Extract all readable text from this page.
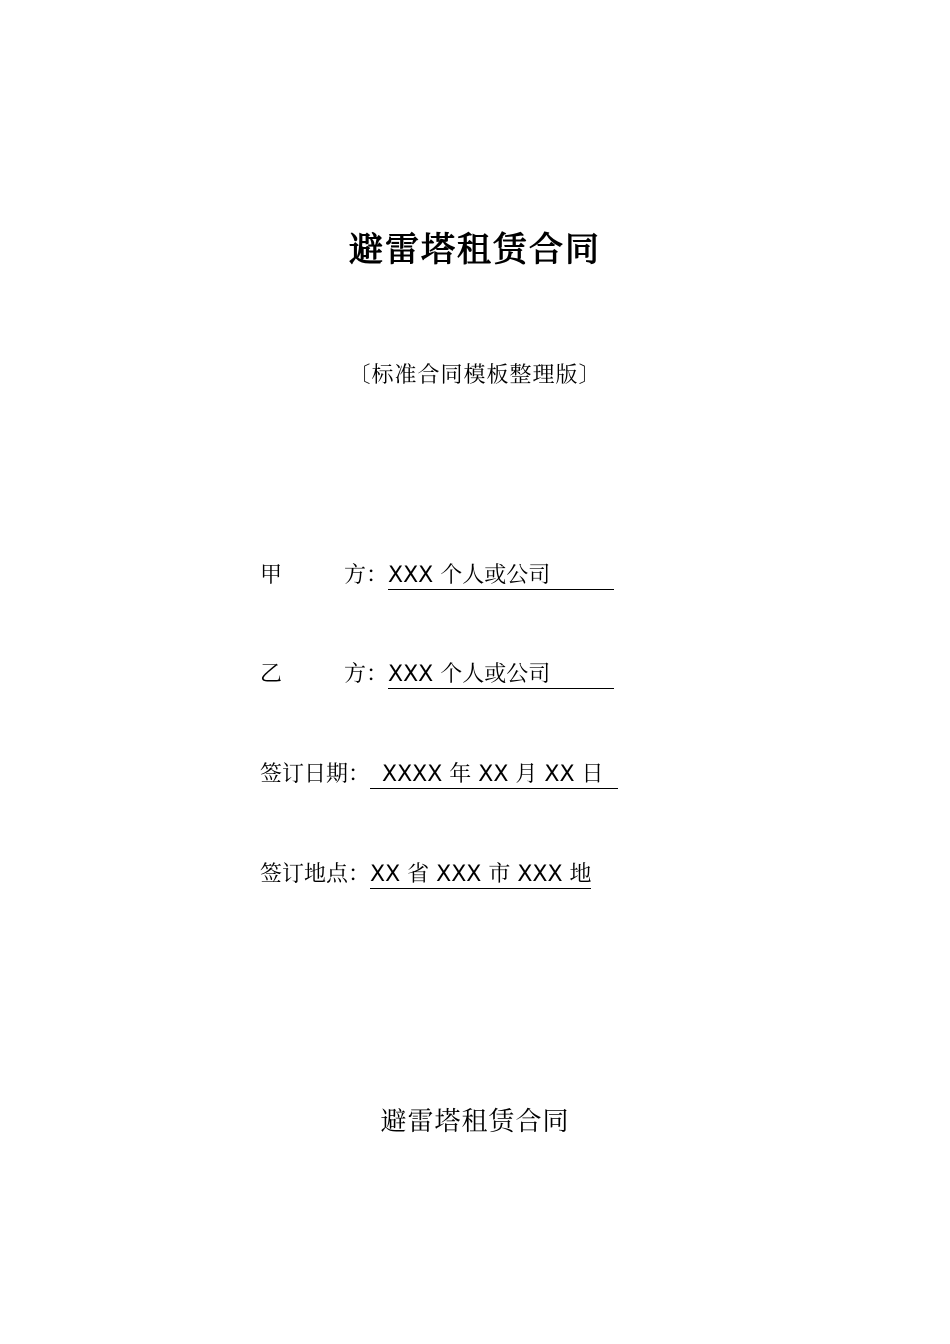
避雷塔租赁合同
〔标准合同模板整理版〕
甲	方： XXX 个人或公司
乙	方： XXX 个人或公司
签订日期： XXXX 年 XX 月 XX 日
签订地点： XX 省 XXX 市 XXX 地
避雷塔租赁合同
